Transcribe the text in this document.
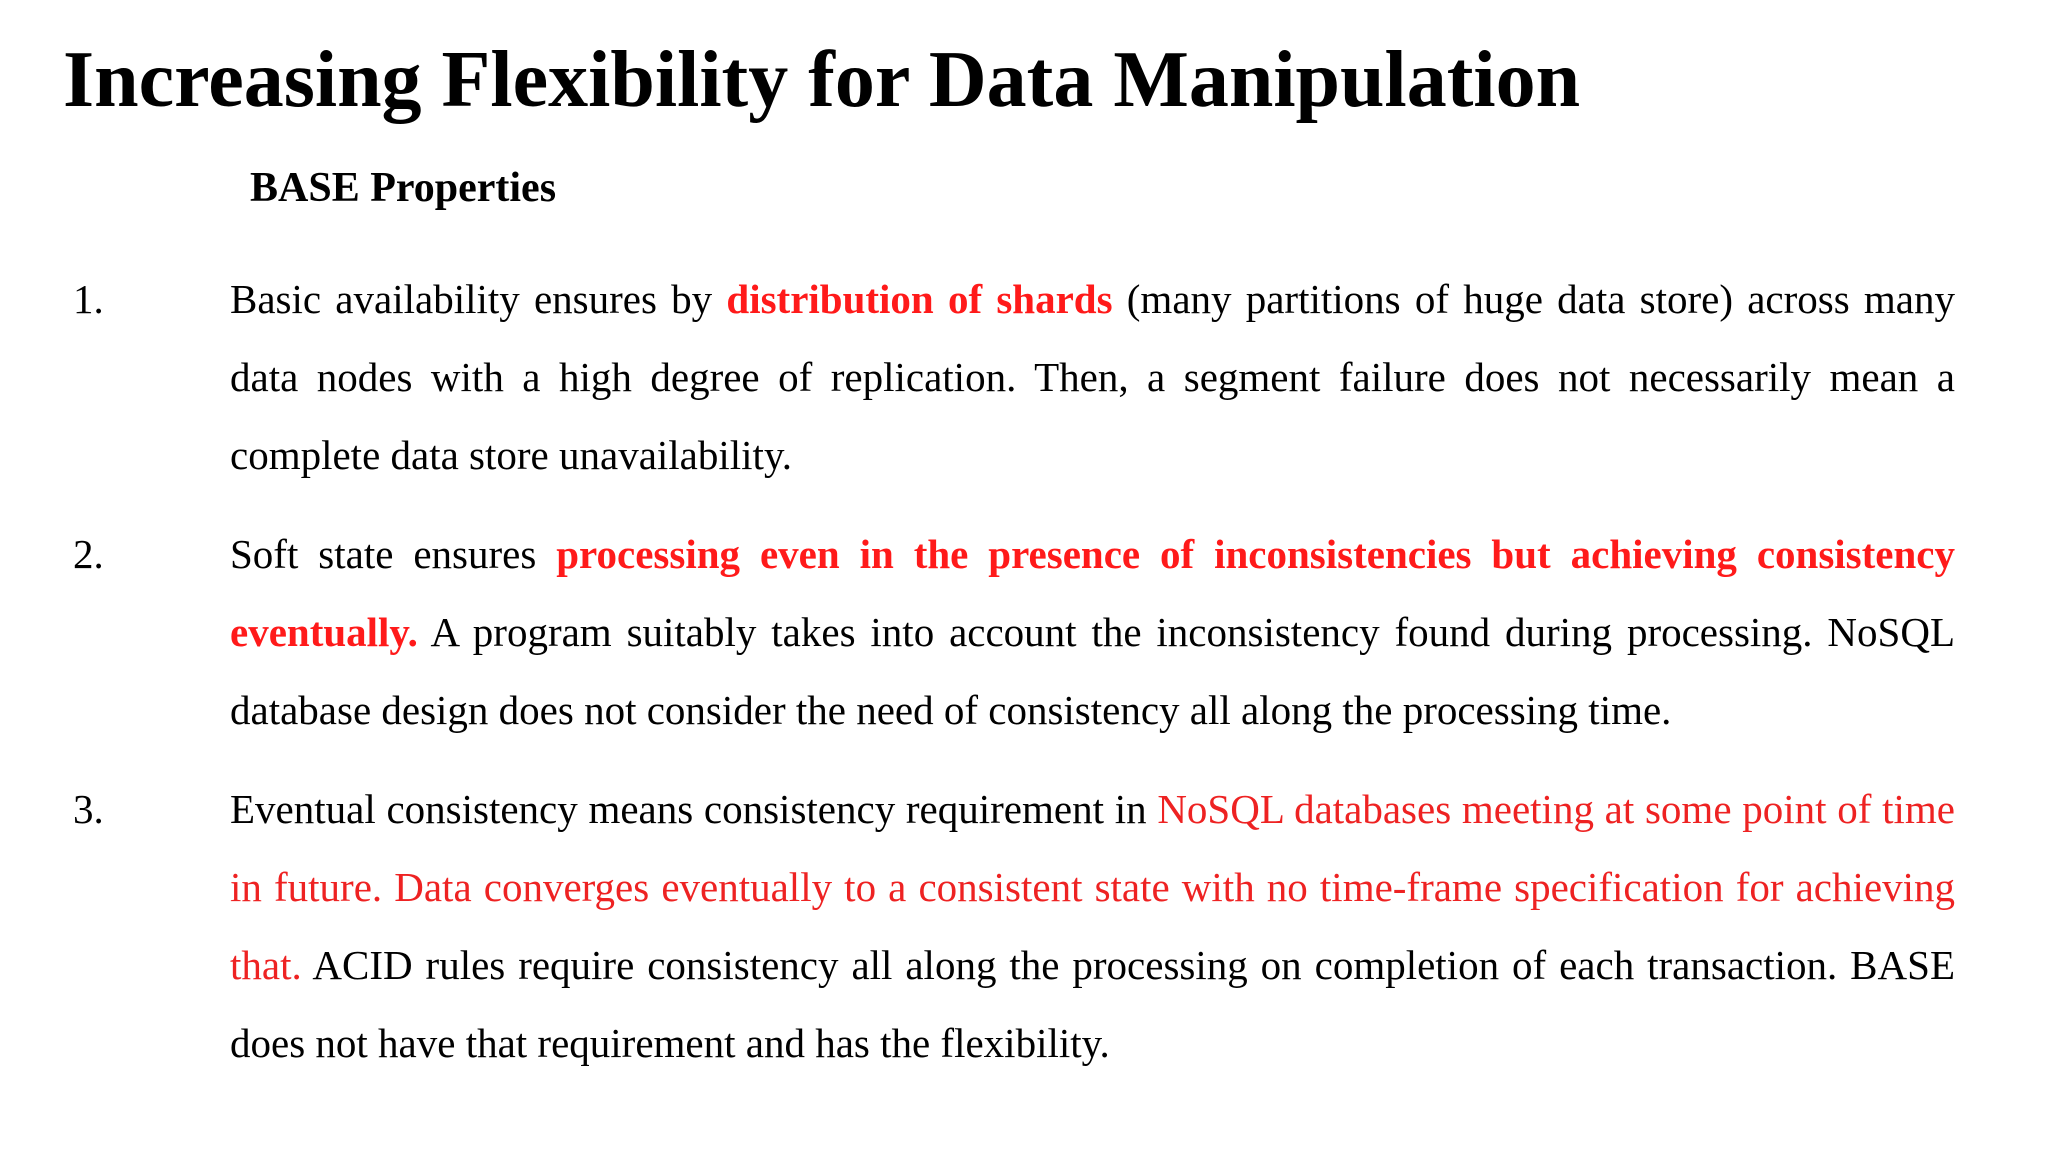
Increasing Flexibility for Data Manipulation
BASE Properties
1.	Basic availability ensures by distribution of shards (many partitions of huge data store) across many data nodes with a high degree of replication. Then, a segment failure does not necessarily mean a complete data store unavailability.

2.	Soft state ensures processing even in the presence of inconsistencies but achieving consistency eventually. A program suitably takes into account the inconsistency found during processing. NoSQL database design does not consider the need of consistency all along the processing time.

3.	Eventual consistency means consistency requirement in NoSQL databases meeting at some point of time in future. Data converges eventually to a consistent state with no time-frame specification for achieving that. ACID rules require consistency all along the processing on completion of each transaction. BASE does not have that requirement and has the flexibility.
